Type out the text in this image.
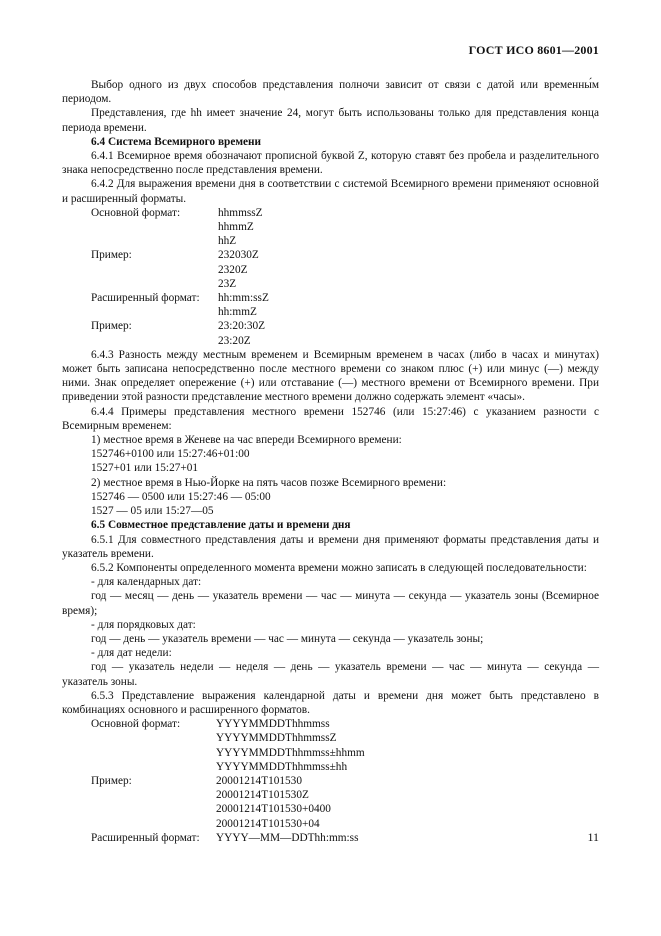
ГОСТ ИСО 8601—2001

Выбор одного из двух способов представления полночи зависит от связи с датой или временны́м периодом.

Представления, где hh имеет значение 24, могут быть использованы только для представления конца периода времени.

6.4 Система Всемирного времени

6.4.1 Всемирное время обозначают прописной буквой Z, которую ставят без пробела и разделительного знака непосредственно после представления времени.

6.4.2 Для выражения времени дня в соответствии с системой Всемирного времени применяют основной и расширенный форматы.

Основной формат:	hhmmssZ
hhmmZ
hhZ
Пример:	232030Z
2320Z
23Z
Расширенный формат:	hh:mm:ssZ
hh:mmZ
Пример:	23:20:30Z
23:20Z

6.4.3 Разность между местным временем и Всемирным временем в часах (либо в часах и минутах) может быть записана непосредственно после местного времени со знаком плюс (+) или минус (—) между ними. Знак определяет опережение (+) или отставание (—) местного времени от Всемирного времени. При приведении этой разности представление местного времени должно содержать элемент «часы».

6.4.4 Примеры представления местного времени 152746 (или 15:27:46) с указанием разности с Всемирным временем:

1) местное время в Женеве на час впереди Всемирного времени:
152746+0100 или 15:27:46+01:00
1527+01 или 15:27+01
2) местное время в Нью-Йорке на пять часов позже Всемирного времени:
152746 — 0500 или 15:27:46 — 05:00
1527 — 05 или 15:27—05

6.5 Совместное представление даты и времени дня

6.5.1 Для совместного представления даты и времени дня применяют форматы представления даты и указатель времени.

6.5.2 Компоненты определенного момента времени можно записать в следующей последовательности:

- для календарных дат:

год — месяц — день — указатель времени — час — минута — секунда — указатель зоны (Всемирное время);

- для порядковых дат:

год — день — указатель времени — час — минута — секунда — указатель зоны;

- для дат недели:

год — указатель недели — неделя — день — указатель времени — час — минута — секунда — указатель зоны.

6.5.3 Представление выражения календарной даты и времени дня может быть представлено в комбинациях основного и расширенного форматов.

Основной формат:	YYYYMMDDThhmmss
YYYYMMDDThhmmssZ
YYYYMMDDThhmmss±hhmm
YYYYMMDDThhmmss±hh
Пример:	20001214T101530
20001214T101530Z
20001214T101530+0400
20001214T101530+04
Расширенный формат:	YYYY—MM—DDThh:mm:ss	11
